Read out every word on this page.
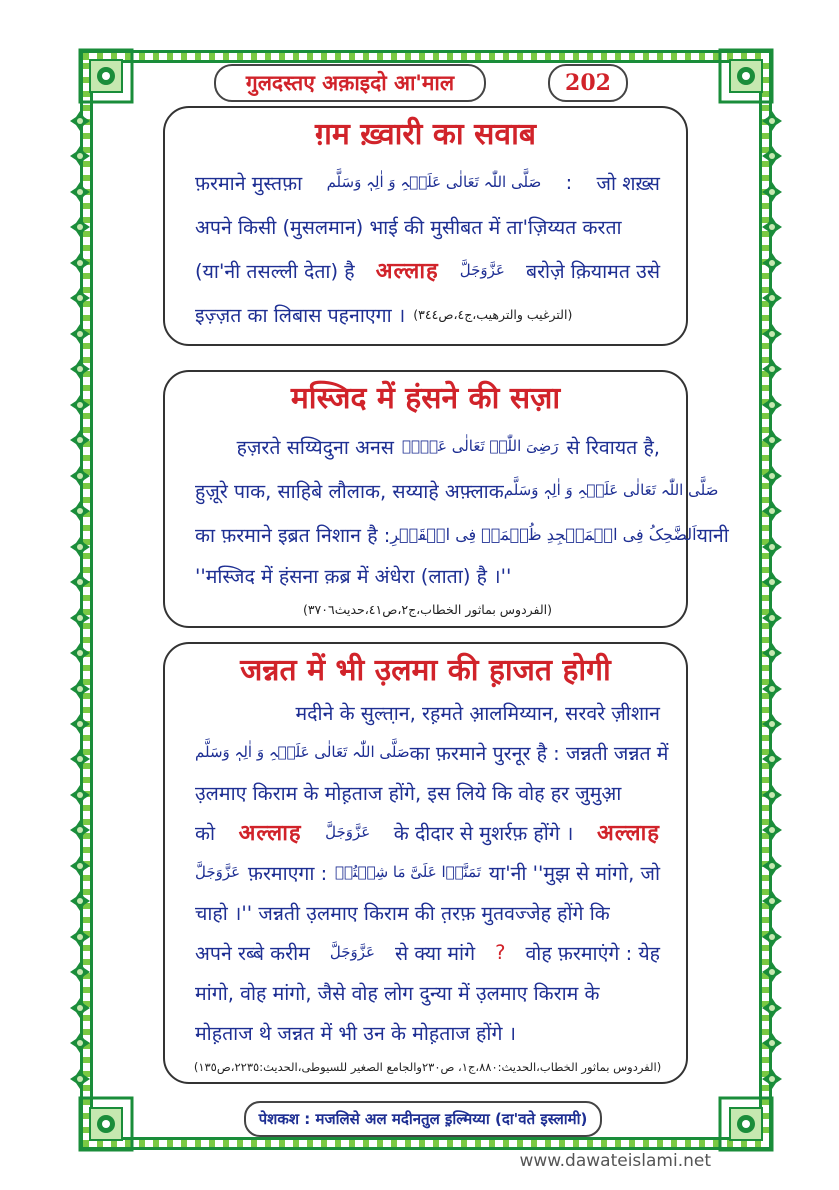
गुलदस्तए अक़ाइदो आ'माल	202
ग़म ख़्वारी का सवाब
फ़रमाने मुस्तफ़ा صَلَّی اللّٰہ تَعَالٰی عَلَیۡہِ وَ اٰلِہٖ وَسَلَّم : जो शख़्स
अपने किसी (मुसलमान) भाई की मुसीबत में ता'ज़िय्यत करता
(या'नी तसल्ली देता) है अल्लाह عَزَّوَجَلَّ बरोज़े क़ियामत उसे
इज़्ज़त का लिबास पहनाएगा । (الترغیب والترھیب،ج٤،ص٣٤٤)
मस्जिद में हंसने की सज़ा
हज़रते सय्यिदुना अनस رَضِیَ اللّٰہُ تَعَالٰی عَنۡہُ से रिवायत है,
हुज़ूरे पाक, साहिबे लौलाक, सय्याहे अफ़्लाक صَلَّی اللّٰہ تَعَالٰی عَلَیۡہِ وَ اٰلِہٖ وَسَلَّم
का फ़रमाने इब्रत निशान है : اَلضَّحِکُ فِی الۡمَسۡجِدِ ظُلۡمَۃٌ فِی الۡقَبۡرِ यानी
''मस्जिद में हंसना क़ब्र में अंधेरा (लाता) है ।''
(الفردوس بماثور الخطاب،ج٢،ص٤١،حدیث٣٧٠٦)
जन्नत में भी उ़लमा की ह़ाजत होगी
मदीने के सुल्ता़न, रह़मते आ़लमिय्यान, सरवरे ज़ीशान
صَلَّی اللّٰہ تَعَالٰی عَلَیۡہِ وَ اٰلِہٖ وَسَلَّم का फ़रमाने पुरनूर है : जन्नती जन्नत में
उ़लमाए किराम के मोह़ताज होंगे, इस लिये कि वोह हर जुमुआ़
को अल्लाह عَزَّوَجَلَّ के दीदार से मुशर्रफ़ होंगे । अल्लाह
عَزَّوَجَلَّ फ़रमाएगा : تَمَنَّوۡا عَلَیَّ مَا شِئۡتُمۡ या'नी ''मुझ से मांगो, जो
चाहो ।'' जन्नती उ़लमाए किराम की त़रफ़ मुतवज्जेह होंगे कि
अपने रब्बे करीम عَزَّوَجَلَّ से क्या मांगे ? वोह फ़रमाएंगे : येह
मांगो, वोह मांगो, जैसे वोह लोग दुन्या में उ़लमाए किराम के
मोह़ताज थे जन्नत में भी उन के मोह़ताज होंगे ।
(الفردوس بماثور الخطاب،الحدیث:٨٨٠،ج١، ص٢٣٠والجامع الصغیر للسیوطی،الحدیث:٢٢٣٥،ص١٣٥)
पेशकश : मजलिसे अल मदीनतुल इ़ल्मिय्या (दा'वते इस्लामी)
www.dawateislami.net
